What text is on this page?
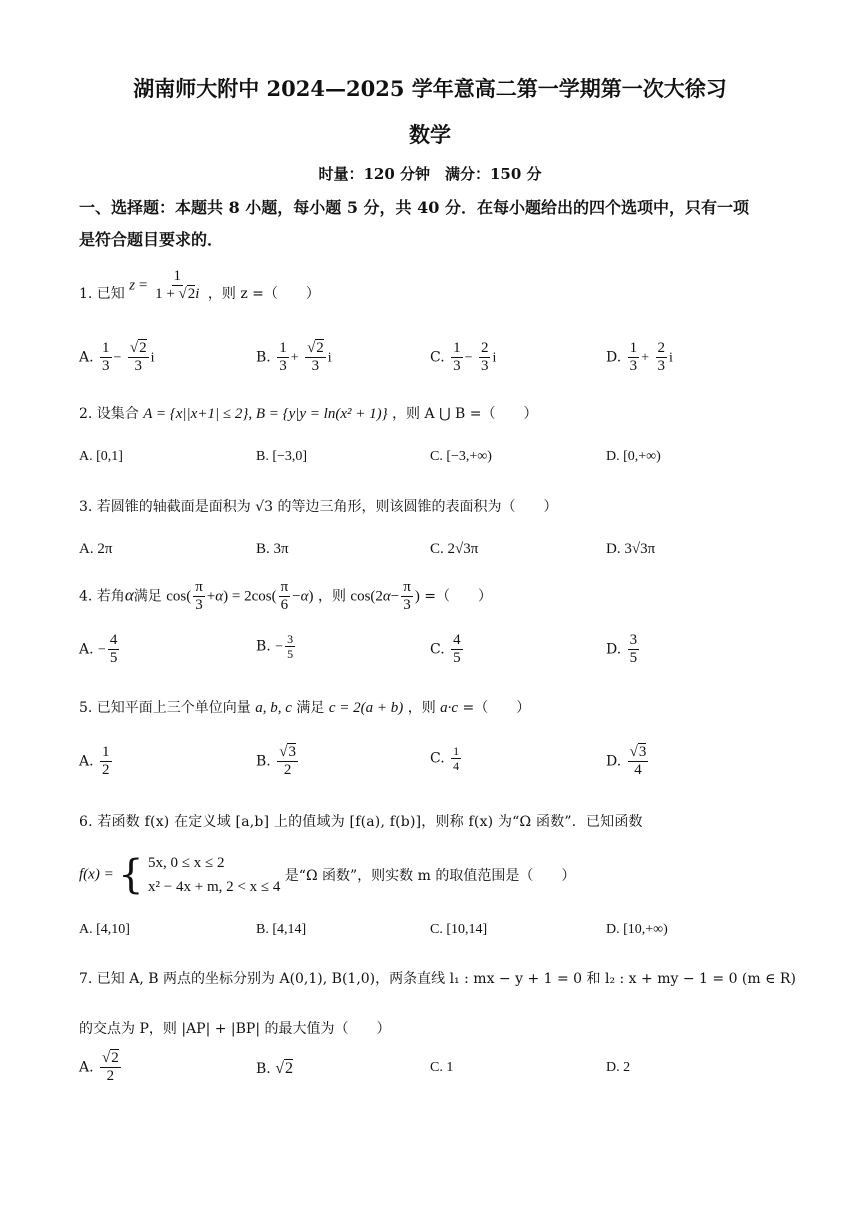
湖南师大附中 2024—2025 学年意高二第一学期第一次大徐习
数学
时量：120 分钟　满分：150 分
一、选择题：本题共 8 小题，每小题 5 分，共 40 分．在每小题给出的四个选项中，只有一项
是符合题目要求的．
1. 已知 $z = \frac{1}{1 + √2i}$ ，则 z =（　　）
A. $\frac{1}{3} - \frac{√2}{3}$ i	B. $\frac{1}{3} + \frac{√2}{3}$ i	C. $\frac{1}{3} - \frac{2}{3}$ i	D. $\frac{1}{3} + \frac{2}{3}$ i
2. 设集合 A = {x||x+1| ≤ 2}, B = {y|y = ln(x² + 1)} ，则 A ⋃ B =（　　）
A. [0,1]	B. [−3,0]	C. [−3,+∞)	D. [0,+∞)
3. 若圆锥的轴截面是面积为 √3 的等边三角形，则该圆锥的表面积为（　　）
A. 2π	B. 3π	C. 2√3π	D. 3√3π
4. 若角α满足 $\cos( \frac{\pi}{3} +\alpha) = 2\cos( \frac{\pi}{6} -\alpha)$ ，则 $\cos(2\alpha- \frac{\pi}{3}$ ) =（　　）
A. − $\frac{4}{5}$	B. − $\frac{3}{5}$	C. $\frac{4}{5}$	D. $\frac{3}{5}$
5. 已知平面上三个单位向量 a, b, c 满足 c = 2(a + b) ，则 a·c =（　　）
A. $\frac{1}{2}$	B. $\frac{√3}{2}$	C. $\frac{1}{4}$	D. $\frac{√3}{4}$
6. 若函数 f(x) 在定义域 [a,b] 上的值域为 [f(a), f(b)]，则称 f(x) 为“Ω 函数”．已知函数
f(x) = { 5x, 0 ≤ x ≤ 2
x² − 4x + m, 2 < x ≤ 4
是“Ω 函数”，则实数 m 的取值范围是（　　）
A. [4,10]	B. [4,14]	C. [10,14]	D. [10,+∞)
7. 已知 A, B 两点的坐标分别为 A(0,1), B(1,0)，两条直线 l₁ : mx − y + 1 = 0 和 l₂ : x + my − 1 = 0 (m ∈ R)
的交点为 P，则 |AP| + |BP| 的最大值为（　　）
A. $\frac{√2}{2}$	B. √2	C. 1	D. 2
